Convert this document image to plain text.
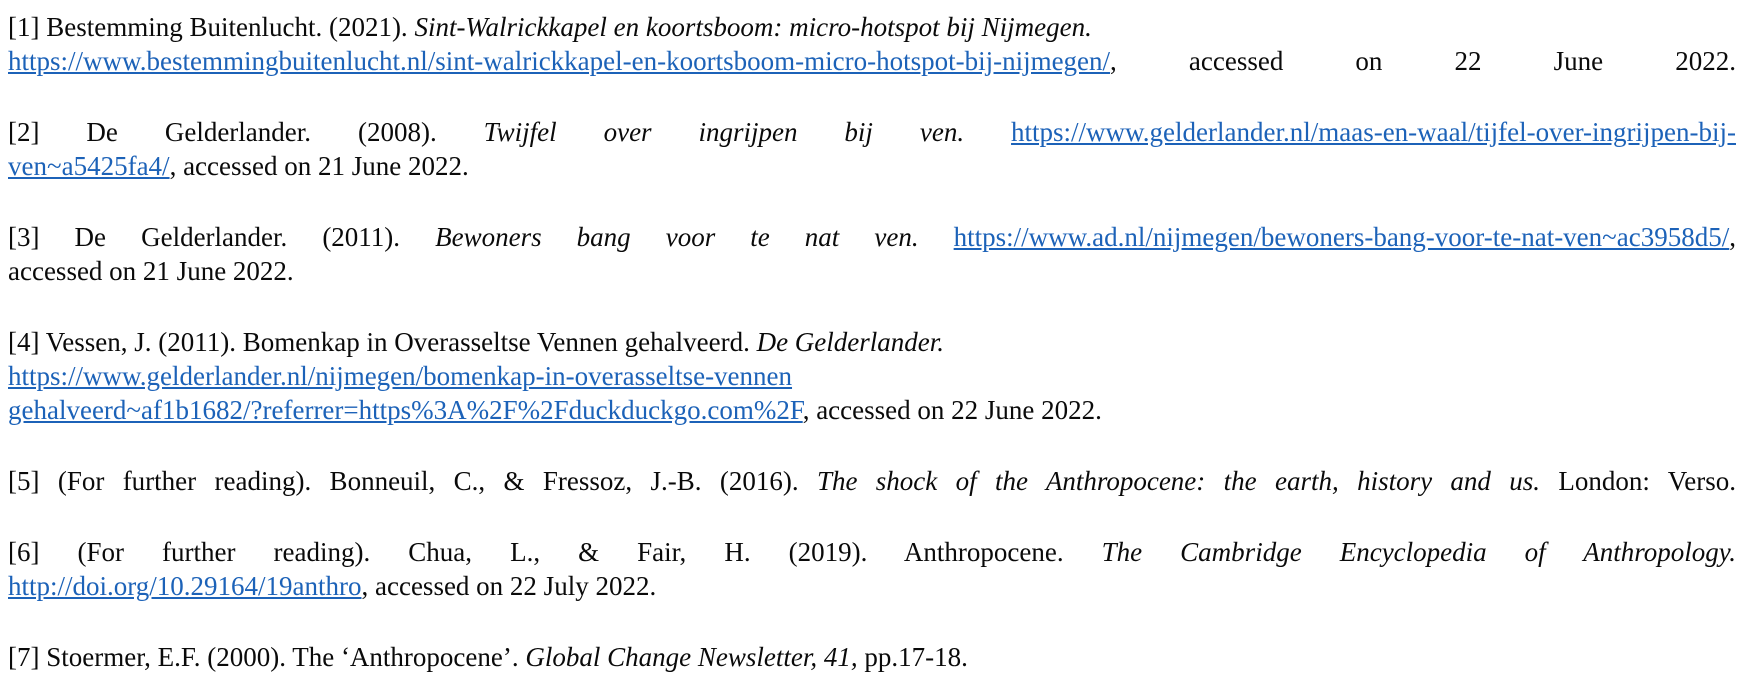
[1] Bestemming Buitenlucht. (2021). Sint-Walrickkapel en koortsboom: micro-hotspot bij Nijmegen.
https://www.bestemmingbuitenlucht.nl/sint-walrickkapel-en-koortsboom-micro-hotspot-bij-nijmegen/, accessed on 22 June 2022.
[2] De Gelderlander. (2008). Twijfel over ingrijpen bij ven. https://www.gelderlander.nl/maas-en-waal/tijfel-over-ingrijpen-bij-
ven~a5425fa4/, accessed on 21 June 2022.
[3] De Gelderlander. (2011). Bewoners bang voor te nat ven. https://www.ad.nl/nijmegen/bewoners-bang-voor-te-nat-ven~ac3958d5/,
accessed on 21 June 2022.
[4] Vessen, J. (2011). Bomenkap in Overasseltse Vennen gehalveerd. De Gelderlander.
https://www.gelderlander.nl/nijmegen/bomenkap-in-overasseltse-vennen
gehalveerd~af1b1682/?referrer=https%3A%2F%2Fduckduckgo.com%2F, accessed on 22 June 2022.
[5] (For further reading). Bonneuil, C., & Fressoz, J.-B. (2016). The shock of the Anthropocene: the earth, history and us. London: Verso.
[6] (For further reading). Chua, L., & Fair, H. (2019). Anthropocene. The Cambridge Encyclopedia of Anthropology.
http://doi.org/10.29164/19anthro, accessed on 22 July 2022.
[7] Stoermer, E.F. (2000). The ‘Anthropocene’. Global Change Newsletter, 41, pp.17-18.
